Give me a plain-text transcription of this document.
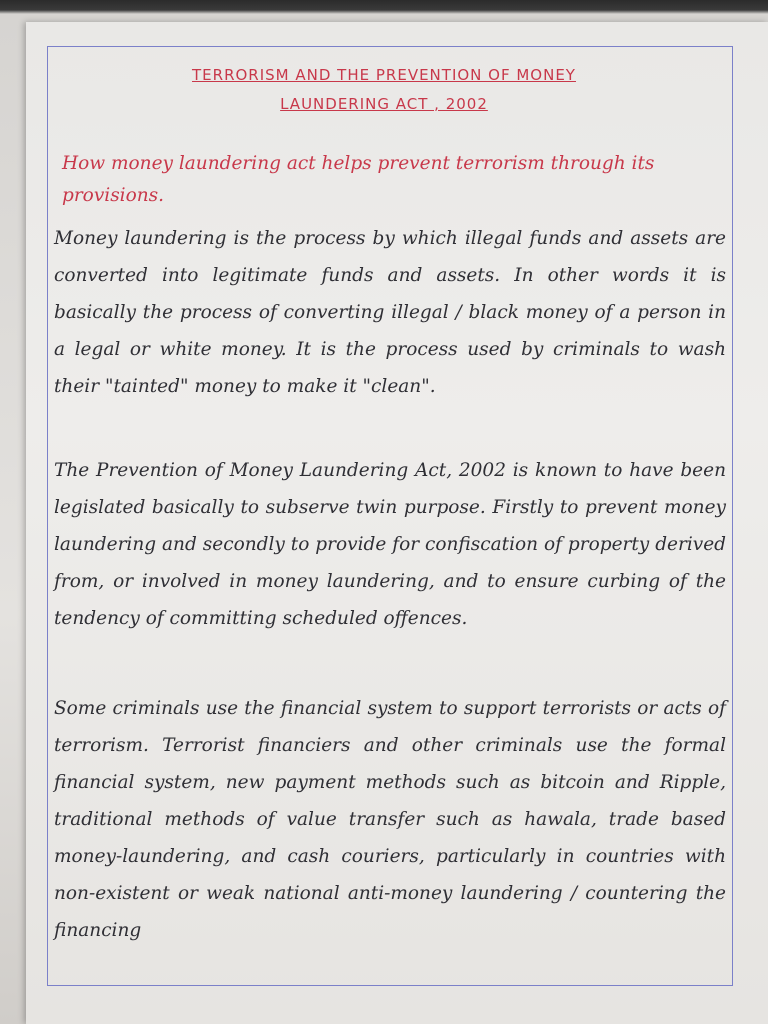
TERRORISM AND THE PREVENTION OF MONEY
LAUNDERING ACT , 2002
How money laundering act helps prevent terrorism through its provisions.
Money laundering is the process by which illegal funds and assets are converted into legitimate funds and assets. In other words it is basically the process of converting illegal / black money of a person in a legal or white money. It is the process used by criminals to wash their "tainted" money to make it "clean".
The Prevention of Money Laundering Act, 2002 is known to have been legislated basically to subserve twin purpose. Firstly to prevent money laundering and secondly to provide for confiscation of property derived from, or involved in money laundering, and to ensure curbing of the tendency of committing scheduled offences.
Some criminals use the financial system to support terrorists or acts of terrorism. Terrorist financiers and other criminals use the formal financial system, new payment methods such as bitcoin and Ripple, traditional methods of value transfer such as hawala, trade based money-laundering, and cash couriers, particularly in countries with non-existent or weak national anti-money laundering / countering the financing
